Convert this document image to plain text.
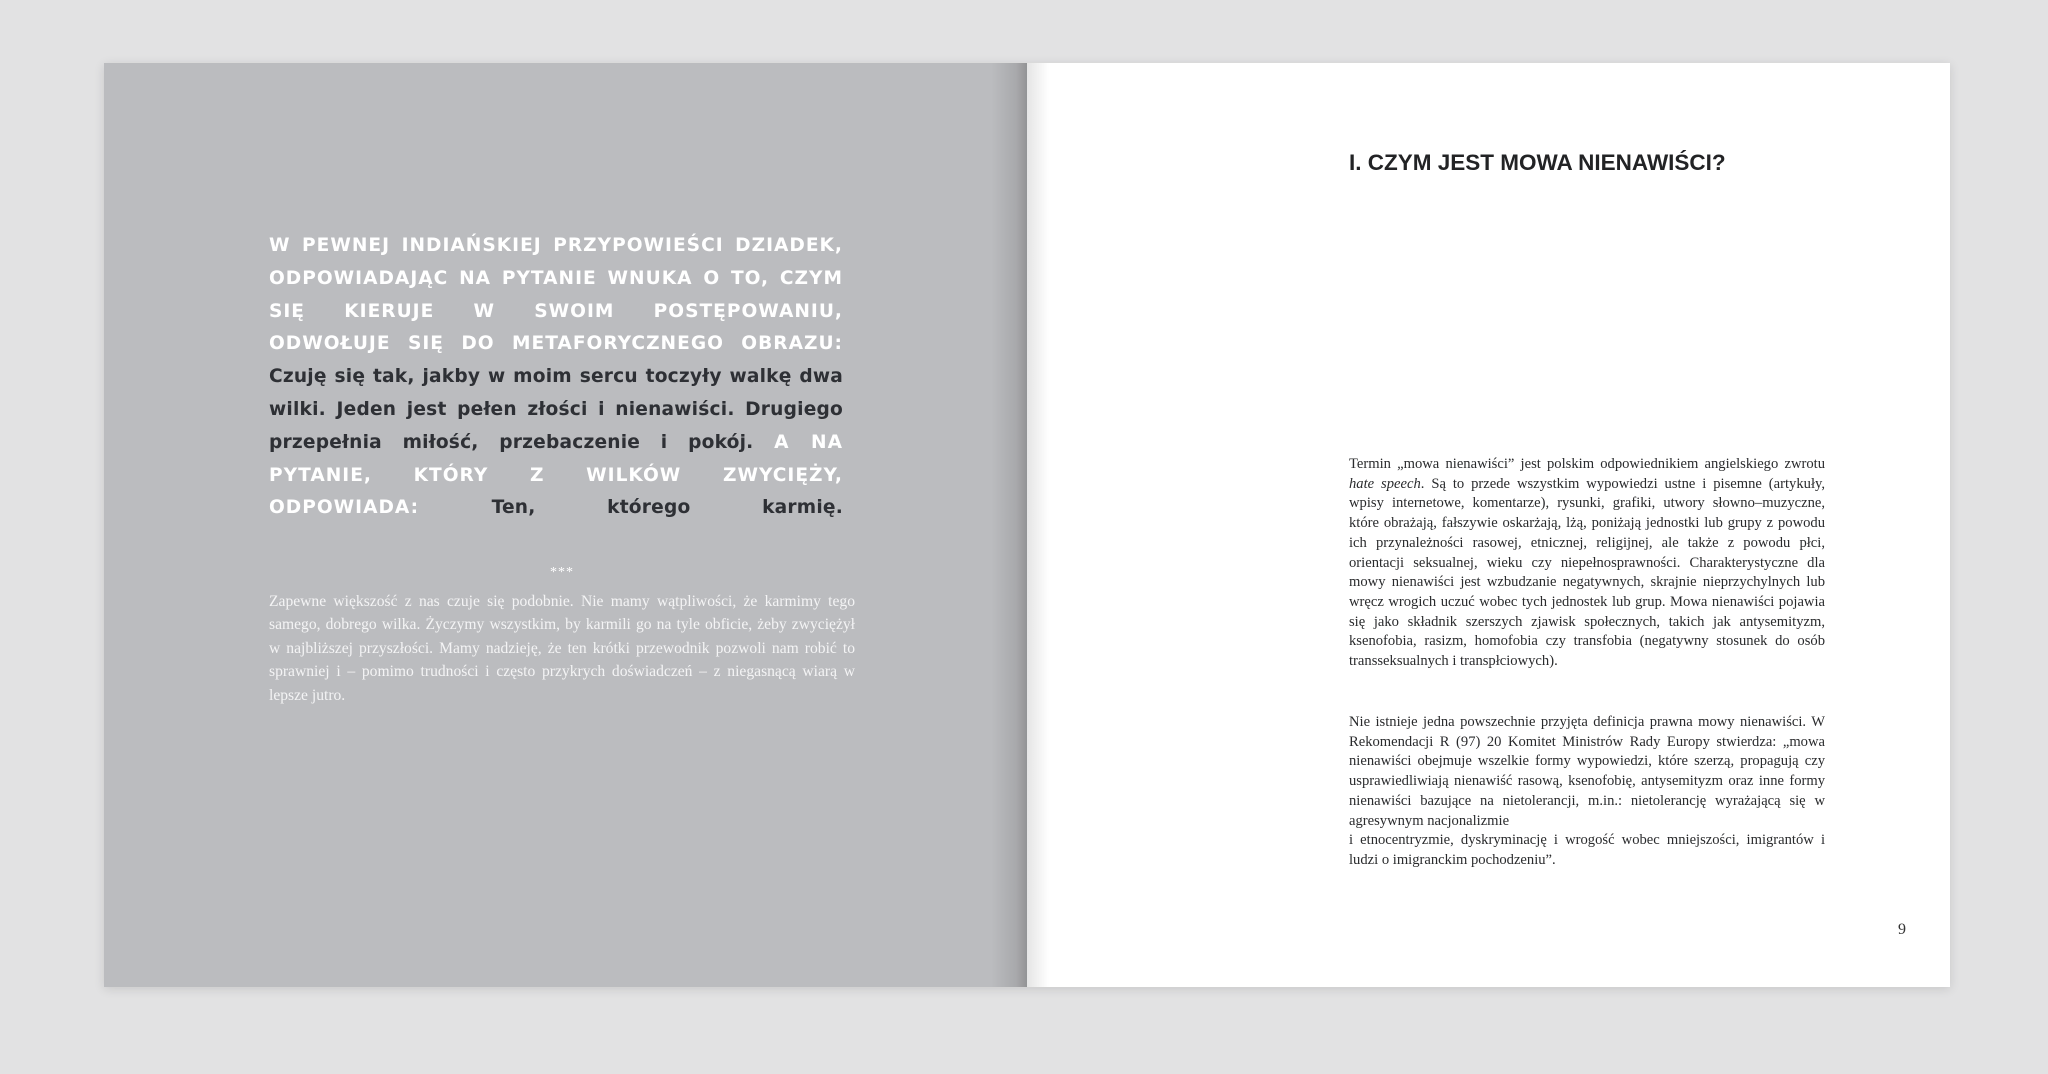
W PEWNEJ INDIAŃSKIEJ PRZYPOWIEŚCI DZIADEK, ODPOWIADAJĄC NA PYTANIE WNUKA O TO, CZYM SIĘ KIERUJE W SWOIM POSTĘPOWANIU, ODWOŁUJE SIĘ DO METAFORYCZNEGO OBRAZU: Czuję się tak, jakby w moim sercu toczyły walkę dwa wilki. Jeden jest pełen złości i nienawiści. Drugiego przepełnia miłość, przebaczenie i pokój. A NA PYTANIE, KTÓRY Z WILKÓW ZWYCIĘŻY, ODPOWIADA: Ten, którego karmię.

***

Zapewne większość z nas czuje się podobnie. Nie mamy wątpliwości, że karmimy tego samego, dobrego wilka. Życzymy wszystkim, by karmili go na tyle obficie, żeby zwyciężył w najbliższej przyszłości. Mamy nadzieję, że ten krótki przewodnik pozwoli nam robić to sprawniej i – pomimo trudności i często przykrych doświadczeń – z niegasnącą wiarą w lepsze jutro.

I. CZYM JEST MOWA NIENAWIŚCI?

Termin „mowa nienawiści” jest polskim odpowiednikiem angielskiego zwrotu hate speech. Są to przede wszystkim wypowiedzi ustne i pisemne (artykuły, wpisy internetowe, komentarze), rysunki, grafiki, utwory słowno–muzyczne, które obrażają, fałszywie oskarżają, lżą, poniżają jednostki lub grupy z powodu ich przynależności rasowej, etnicznej, religijnej, ale także z powodu płci, orientacji seksualnej, wieku czy niepełnosprawności. Charakterystyczne dla mowy nienawiści jest wzbudzanie negatywnych, skrajnie nieprzychylnych lub wręcz wrogich uczuć wobec tych jednostek lub grup. Mowa nienawiści pojawia się jako składnik szerszych zjawisk społecznych, takich jak antysemityzm, ksenofobia, rasizm, homofobia czy transfobia (negatywny stosunek do osób transseksualnych i transpłciowych).

Nie istnieje jedna powszechnie przyjęta definicja prawna mowy nienawiści. W Rekomendacji R (97) 20 Komitet Ministrów Rady Europy stwierdza: „mowa nienawiści obejmuje wszelkie formy wypowiedzi, które szerzą, propagują czy usprawiedliwiają nienawiść rasową, ksenofobię, antysemityzm oraz inne formy nienawiści bazujące na nietolerancji, m.in.: nietolerancję wyrażającą się w agresywnym nacjonalizmie
i etnocentryzmie, dyskryminację i wrogość wobec mniejszości, imigrantów i ludzi o imigranckim pochodzeniu”.

9
